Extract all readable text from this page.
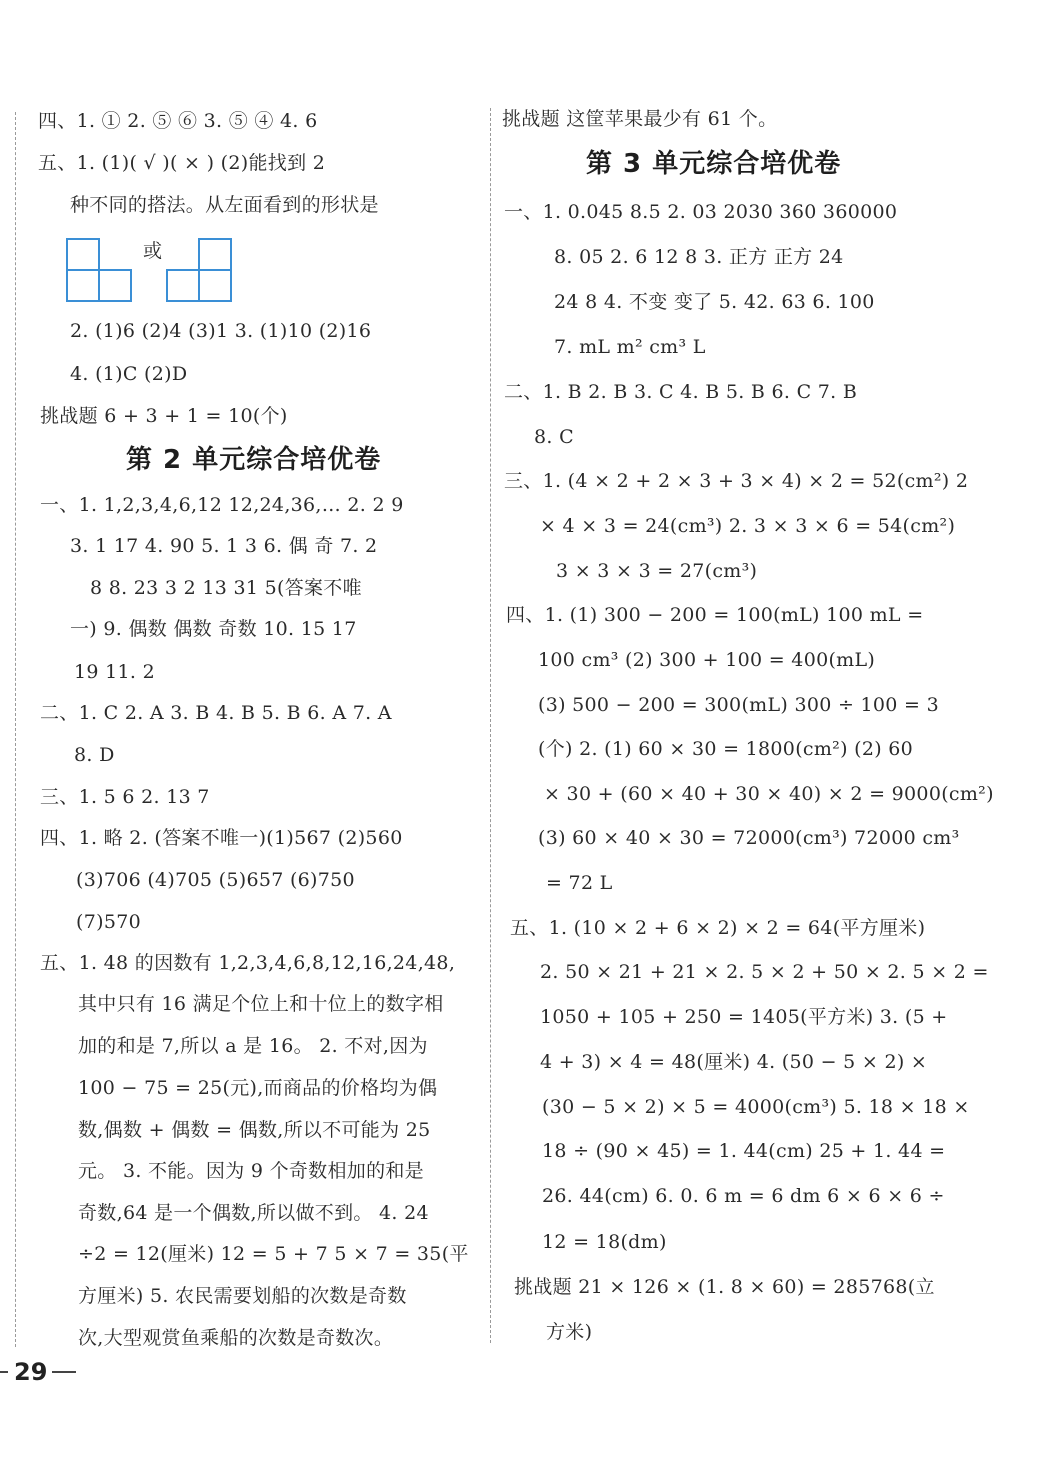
四、1. ① 2. ⑤ ⑥ 3. ⑤ ④ 4. 6
五、1. (1)( √ )( × ) (2)能找到 2
种不同的搭法。从左面看到的形状是
或
2. (1)6 (2)4 (3)1 3. (1)10 (2)16
4. (1)C (2)D
挑战题 6 + 3 + 1 = 10(个)
第 2 单元综合培优卷
一、1. 1,2,3,4,6,12 12,24,36,… 2. 2 9
3. 1 17 4. 90 5. 1 3 6. 偶 奇 7. 2
8 8. 23 3 2 13 31 5(答案不唯
一) 9. 偶数 偶数 奇数 10. 15 17
19 11. 2
二、1. C 2. A 3. B 4. B 5. B 6. A 7. A
8. D
三、1. 5 6 2. 13 7
四、1. 略 2. (答案不唯一)(1)567 (2)560
(3)706 (4)705 (5)657 (6)750
(7)570
五、1. 48 的因数有 1,2,3,4,6,8,12,16,24,48,
其中只有 16 满足个位上和十位上的数字相
加的和是 7,所以 a 是 16。 2. 不对,因为
100 − 75 = 25(元),而商品的价格均为偶
数,偶数 + 偶数 = 偶数,所以不可能为 25
元。 3. 不能。因为 9 个奇数相加的和是
奇数,64 是一个偶数,所以做不到。 4. 24
÷2 = 12(厘米) 12 = 5 + 7 5 × 7 = 35(平
方厘米) 5. 农民需要划船的次数是奇数
次,大型观赏鱼乘船的次数是奇数次。
挑战题 这筐苹果最少有 61 个。
第 3 单元综合培优卷
一、1. 0.045 8.5 2. 03 2030 360 360000
8. 05 2. 6 12 8 3. 正方 正方 24
24 8 4. 不变 变了 5. 42. 63 6. 100
7. mL m² cm³ L
二、1. B 2. B 3. C 4. B 5. B 6. C 7. B
8. C
三、1. (4 × 2 + 2 × 3 + 3 × 4) × 2 = 52(cm²) 2
× 4 × 3 = 24(cm³) 2. 3 × 3 × 6 = 54(cm²)
3 × 3 × 3 = 27(cm³)
四、1. (1) 300 − 200 = 100(mL) 100 mL =
100 cm³ (2) 300 + 100 = 400(mL)
(3) 500 − 200 = 300(mL) 300 ÷ 100 = 3
(个) 2. (1) 60 × 30 = 1800(cm²) (2) 60
× 30 + (60 × 40 + 30 × 40) × 2 = 9000(cm²)
(3) 60 × 40 × 30 = 72000(cm³) 72000 cm³
= 72 L
五、1. (10 × 2 + 6 × 2) × 2 = 64(平方厘米)
2. 50 × 21 + 21 × 2. 5 × 2 + 50 × 2. 5 × 2 =
1050 + 105 + 250 = 1405(平方米) 3. (5 +
4 + 3) × 4 = 48(厘米) 4. (50 − 5 × 2) ×
(30 − 5 × 2) × 5 = 4000(cm³) 5. 18 × 18 ×
18 ÷ (90 × 45) = 1. 44(cm) 25 + 1. 44 =
26. 44(cm) 6. 0. 6 m = 6 dm 6 × 6 × 6 ÷
12 = 18(dm)
挑战题 21 × 126 × (1. 8 × 60) = 285768(立
方米)
29
